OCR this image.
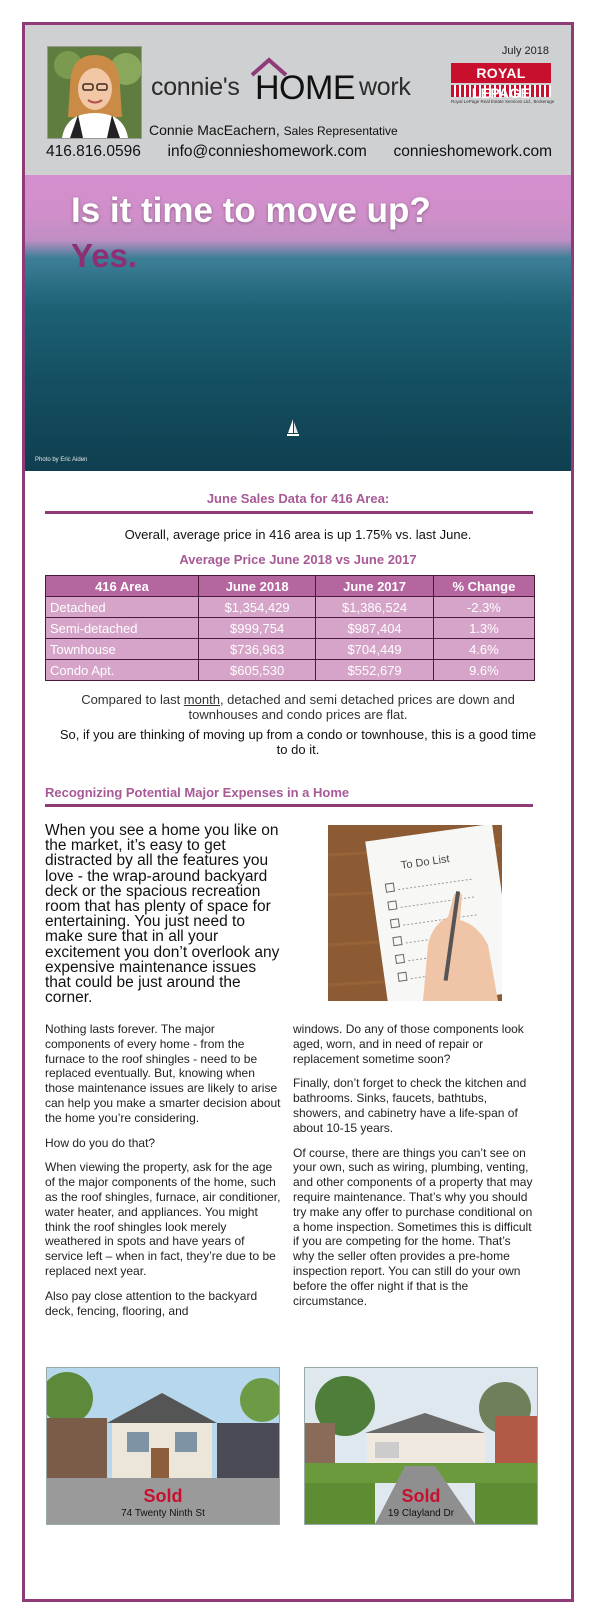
July 2018
connie's HOME work	ROYAL LEPAGE
Royal LePage Real Estate Services Ltd., Brokerage
Connie MacEachern, Sales Representative
416.816.0596 info@connieshomework.com connieshomework.com
Is it time to move up?
Yes.
Photo by Eric Aiden
June Sales Data for 416 Area:
Overall, average price in 416 area is up 1.75% vs. last June.
Average Price June 2018 vs June 2017
416 Area	June 2018	June 2017	% Change
Detached	$1,354,429	$1,386,524	-2.3%
Semi-detached	$999,754	$987,404	1.3%
Townhouse	$736,963	$704,449	4.6%
Condo Apt.	$605,530	$552,679	9.6%
Compared to last month, detached and semi detached prices are down and townhouses and condo prices are flat.
So, if you are thinking of moving up from a condo or townhouse, this is a good time to do it.
Recognizing Potential Major Expenses in a Home
When you see a home you like on the market, it’s easy to get distracted by all the features you love - the wrap-around backyard deck or the spacious recreation room that has plenty of space for entertaining. You just need to make sure that in all your excitement you don’t overlook any expensive maintenance issues that could be just around the corner.
To Do List

Nothing lasts forever. The major components of every home - from the furnace to the roof shingles - need to be replaced eventually. But, knowing when those maintenance issues are likely to arise can help you make a smarter decision about the home you’re considering.

How do you do that?

When viewing the property, ask for the age of the major components of the home, such as the roof shingles, furnace, air conditioner, water heater, and appliances. You might think the roof shingles look merely weathered in spots and have years of service left – when in fact, they’re due to be replaced next year.

Also pay close attention to the backyard deck, fencing, flooring, and

windows. Do any of those components look aged, worn, and in need of repair or replacement sometime soon?

Finally, don’t forget to check the kitchen and bathrooms. Sinks, faucets, bathtubs, showers, and cabinetry have a life-span of about 10-15 years.

Of course, there are things you can’t see on your own, such as wiring, plumbing, venting, and other components of a property that may require maintenance. That’s why you should try make any offer to purchase conditional on a home inspection. Sometimes this is difficult if you are competing for the home. That’s why the seller often provides a pre-home inspection report. You can still do your own before the offer night if that is the circumstance.

Sold
74 Twenty Ninth St
Sold
19 Clayland Dr
